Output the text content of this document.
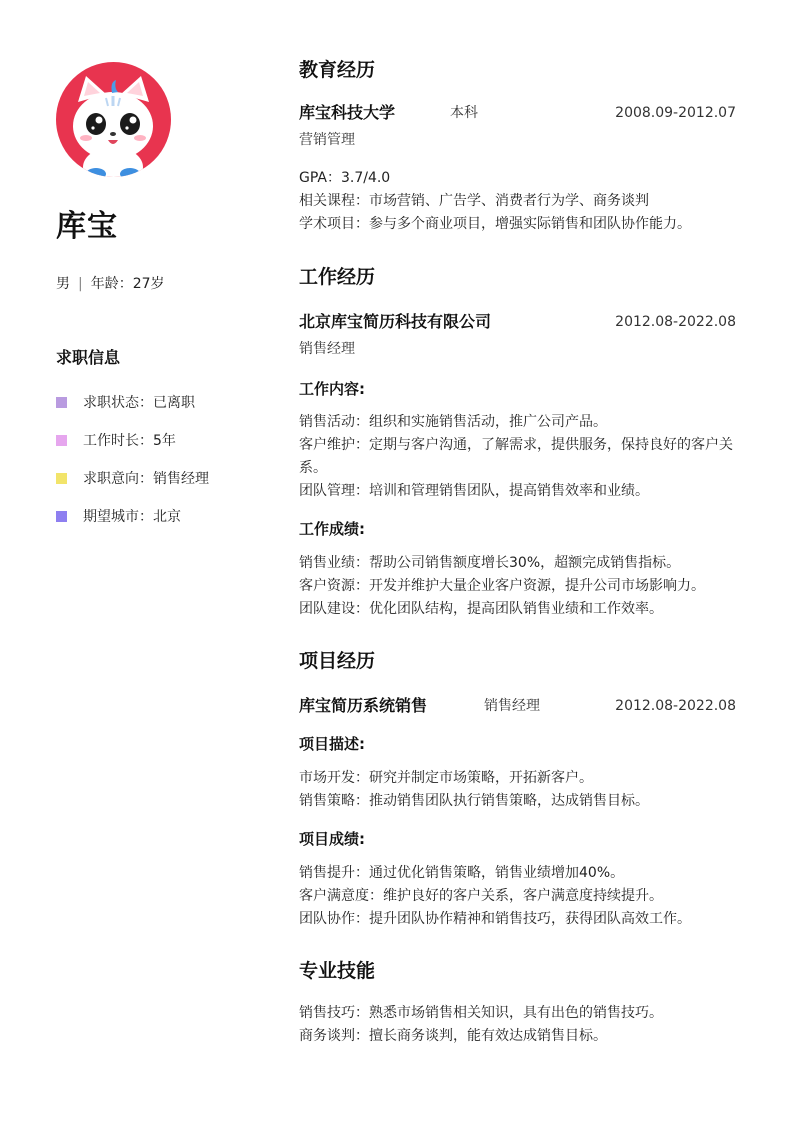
库宝
男 | 年龄：27岁
求职信息
求职状态：已离职
工作时长：5年
求职意向：销售经理
期望城市：北京
教育经历
库宝科技大学	本科	2008.09-2012.07
营销管理
GPA：3.7/4.0
相关课程：市场营销、广告学、消费者行为学、商务谈判
学术项目：参与多个商业项目，增强实际销售和团队协作能力。
工作经历
北京库宝简历科技有限公司	2012.08-2022.08
销售经理
工作内容:
销售活动：组织和实施销售活动，推广公司产品。
客户维护：定期与客户沟通，了解需求，提供服务，保持良好的客户关系。
团队管理：培训和管理销售团队，提高销售效率和业绩。
工作成绩:
销售业绩：帮助公司销售额度增长30%，超额完成销售指标。
客户资源：开发并维护大量企业客户资源，提升公司市场影响力。
团队建设：优化团队结构，提高团队销售业绩和工作效率。
项目经历
库宝简历系统销售	销售经理	2012.08-2022.08
项目描述:
市场开发：研究并制定市场策略，开拓新客户。
销售策略：推动销售团队执行销售策略，达成销售目标。
项目成绩:
销售提升：通过优化销售策略，销售业绩增加40%。
客户满意度：维护良好的客户关系，客户满意度持续提升。
团队协作：提升团队协作精神和销售技巧，获得团队高效工作。
专业技能
销售技巧：熟悉市场销售相关知识，具有出色的销售技巧。
商务谈判：擅长商务谈判，能有效达成销售目标。
